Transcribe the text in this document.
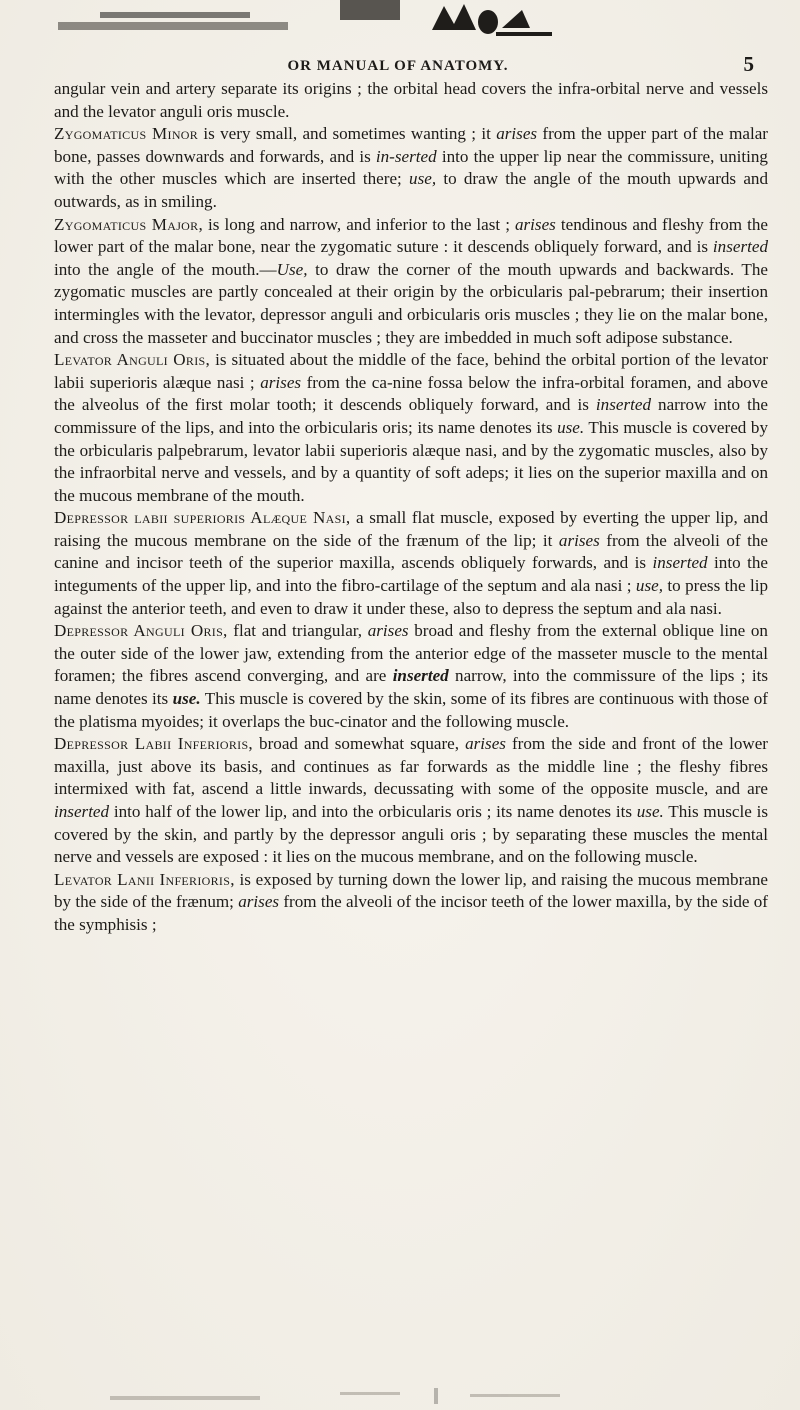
OR MANUAL OF ANATOMY.	5

angular vein and artery separate its origins ; the orbital head covers the infra-orbital nerve and vessels and the levator anguli oris muscle.

Zygomaticus Minor is very small, and sometimes wanting ; it arises from the upper part of the malar bone, passes downwards and forwards, and is in-serted into the upper lip near the commissure, uniting with the other muscles which are inserted there; use, to draw the angle of the mouth upwards and outwards, as in smiling.

Zygomaticus Major, is long and narrow, and inferior to the last ; arises tendinous and fleshy from the lower part of the malar bone, near the zygomatic suture : it descends obliquely forward, and is inserted into the angle of the mouth.—Use, to draw the corner of the mouth upwards and backwards. The zygomatic muscles are partly concealed at their origin by the orbicularis pal-pebrarum; their insertion intermingles with the levator, depressor anguli and orbicularis oris muscles ; they lie on the malar bone, and cross the masseter and buccinator muscles ; they are imbedded in much soft adipose substance.

Levator Anguli Oris, is situated about the middle of the face, behind the orbital portion of the levator labii superioris alæque nasi ; arises from the ca-nine fossa below the infra-orbital foramen, and above the alveolus of the first molar tooth; it descends obliquely forward, and is inserted narrow into the commissure of the lips, and into the orbicularis oris; its name denotes its use. This muscle is covered by the orbicularis palpebrarum, levator labii superioris alæque nasi, and by the zygomatic muscles, also by the infraorbital nerve and vessels, and by a quantity of soft adeps; it lies on the superior maxilla and on the mucous membrane of the mouth.

Depressor labii superioris Alæque Nasi, a small flat muscle, exposed by everting the upper lip, and raising the mucous membrane on the side of the frænum of the lip; it arises from the alveoli of the canine and incisor teeth of the superior maxilla, ascends obliquely forwards, and is inserted into the integuments of the upper lip, and into the fibro-cartilage of the septum and ala nasi ; use, to press the lip against the anterior teeth, and even to draw it under these, also to depress the septum and ala nasi.

Depressor Anguli Oris, flat and triangular, arises broad and fleshy from the external oblique line on the outer side of the lower jaw, extending from the anterior edge of the masseter muscle to the mental foramen; the fibres ascend converging, and are inserted narrow, into the commissure of the lips ; its name denotes its use. This muscle is covered by the skin, some of its fibres are continuous with those of the platisma myoides; it overlaps the buc-cinator and the following muscle.

Depressor Labii Inferioris, broad and somewhat square, arises from the side and front of the lower maxilla, just above its basis, and continues as far forwards as the middle line ; the fleshy fibres intermixed with fat, ascend a little inwards, decussating with some of the opposite muscle, and are inserted into half of the lower lip, and into the orbicularis oris ; its name denotes its use. This muscle is covered by the skin, and partly by the depressor anguli oris ; by separating these muscles the mental nerve and vessels are exposed : it lies on the mucous membrane, and on the following muscle.

Levator Lanii Inferioris, is exposed by turning down the lower lip, and raising the mucous membrane by the side of the frænum; arises from the alveoli of the incisor teeth of the lower maxilla, by the side of the symphisis ;
